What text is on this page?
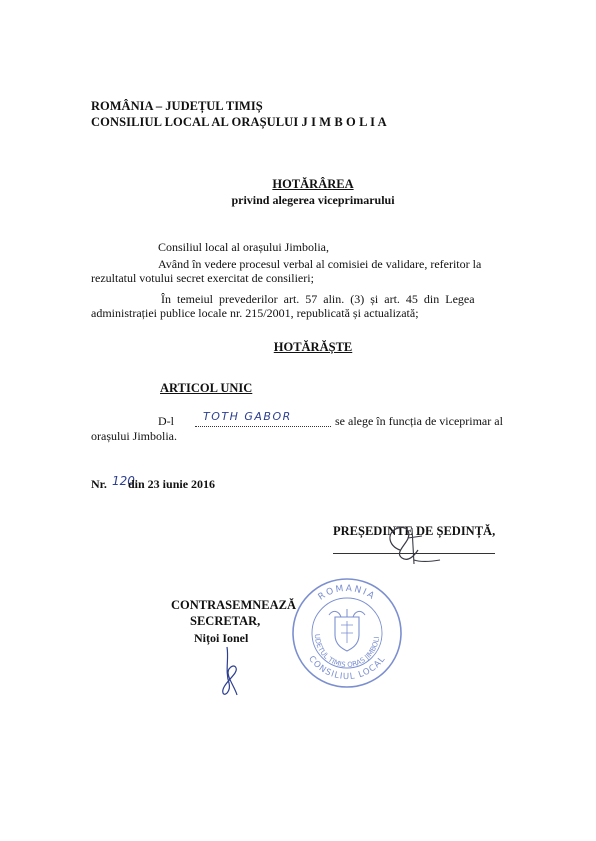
ROMÂNIA – JUDEȚUL TIMIȘ
CONSILIUL LOCAL AL ORAȘULUI J I M B O L I A
HOTĂRÂREA
privind alegerea viceprimarului
Consiliul local al orașului Jimbolia,
Având în vedere procesul verbal al comisiei de validare, referitor la
rezultatul votului secret exercitat de consilieri;
În temeiul prevederilor art. 57 alin. (3) și art. 45 din Legea
administrației publice locale nr. 215/2001, republicată și actualizată;
HOTĂRĂȘTE
ARTICOL UNIC
D-l	TOTH GABOR	se alege în funcția de viceprimar al
orașului Jimbolia.
Nr. 120
din 23 iunie 2016
PREȘEDINTE DE ȘEDINȚĂ,
CONTRASEMNEAZĂ
SECRETAR,
Nițoi Ionel
ROMANIA
UDETUL TIMIS ORAS JIMBOLI
CONSILIUL LOCAL
